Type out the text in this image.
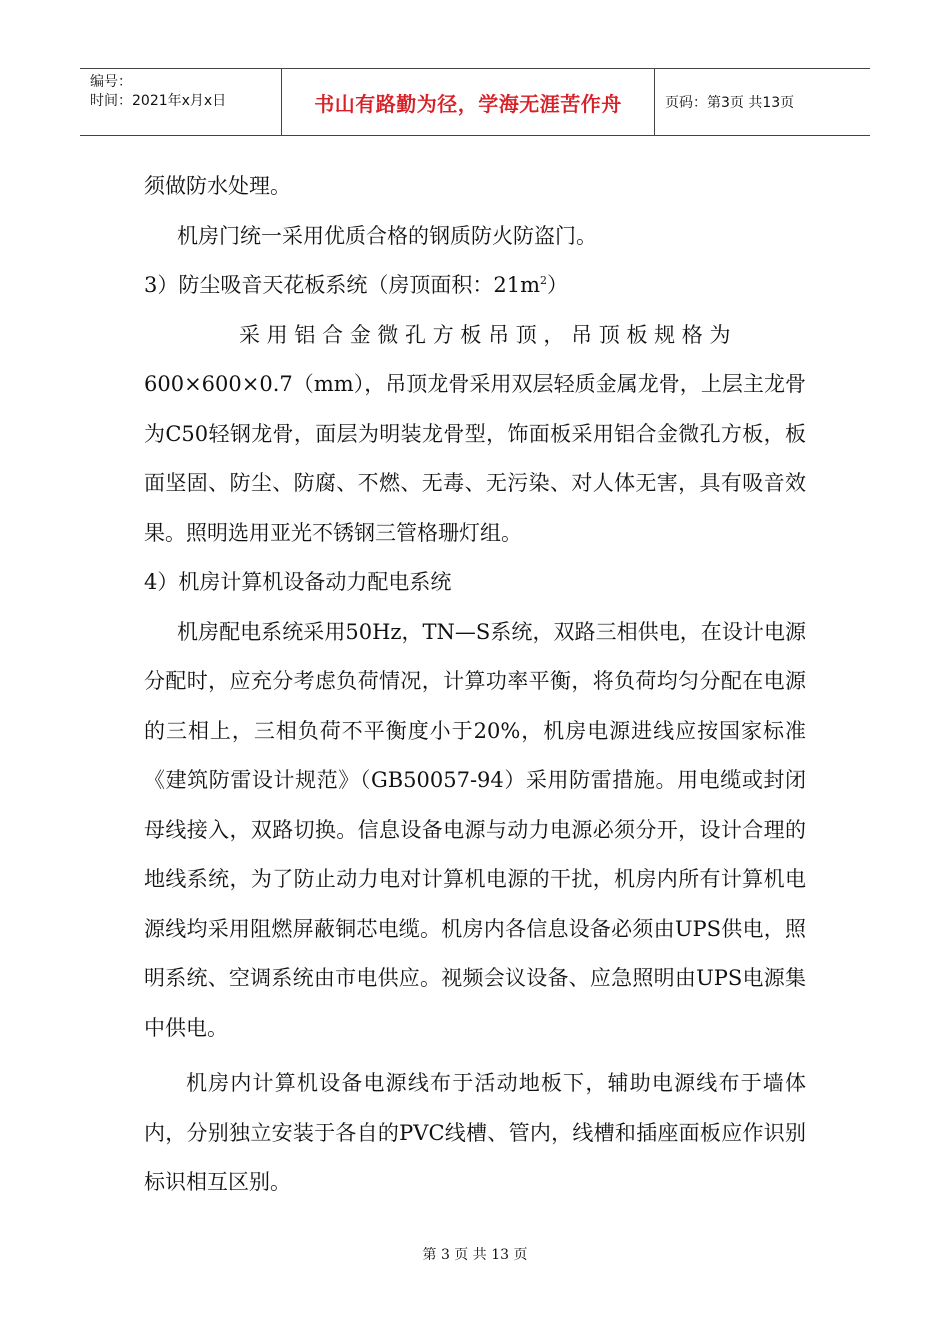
编号：
时间：2021年x月x日	书山有路勤为径，学海无涯苦作舟	页码：第3页 共13页

须做防水处理。

机房门统一采用优质合格的钢质防火防盗门。

3）防尘吸音天花板系统（房顶面积：$21m^2$）

采 用 铝 合 金 微 孔 方 板 吊 顶 ， 吊 顶 板 规 格 为

600×600×0.7（mm），吊顶龙骨采用双层轻质金属龙骨，上层主龙骨为C50轻钢龙骨，面层为明装龙骨型，饰面板采用铝合金微孔方板，板面坚固、防尘、防腐、不燃、无毒、无污染、对人体无害，具有吸音效果。照明选用亚光不锈钢三管格珊灯组。

4）机房计算机设备动力配电系统

机房配电系统采用50Hz，TN—S系统，双路三相供电，在设计电源分配时，应充分考虑负荷情况，计算功率平衡，将负荷均匀分配在电源的三相上，三相负荷不平衡度小于20%，机房电源进线应按国家标准《建筑防雷设计规范》（GB50057-94）采用防雷措施。用电缆或封闭母线接入，双路切换。信息设备电源与动力电源必须分开，设计合理的地线系统，为了防止动力电对计算机电源的干扰，机房内所有计算机电源线均采用阻燃屏蔽铜芯电缆。机房内各信息设备必须由UPS供电，照明系统、空调系统由市电供应。视频会议设备、应急照明由UPS电源集中供电。

机房内计算机设备电源线布于活动地板下，辅助电源线布于墙体内，分别独立安装于各自的PVC线槽、管内，线槽和插座面板应作识别标识相互区别。

第 3 页 共 13 页
